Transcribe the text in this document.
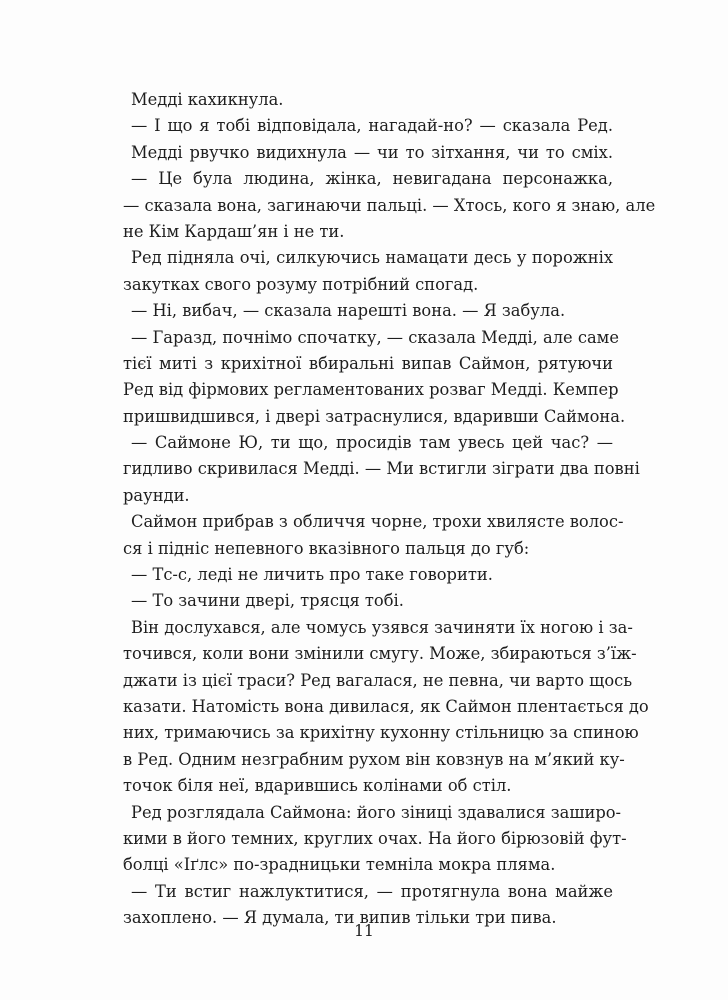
Медді кахикнула.
— І що я тобі відповідала, нагадай-но? — сказала Ред.
Медді рвучко видихнула — чи то зітхання, чи то сміх.
— Це була людина, жінка, невигадана персонажка,
— сказала вона, загинаючи пальці. — Хтось, кого я знаю, але
не Кім Кардаш’ян і не ти.
Ред підняла очі, силкуючись намацати десь у порожніх
закутках свого розуму потрібний спогад.
— Ні, вибач, — сказала нарешті вона. — Я забула.
— Гаразд, почнімо спочатку, — сказала Медді, але саме
тієї миті з крихітної вбиральні випав Саймон, рятуючи
Ред від фірмових регламентованих розваг Медді. Кемпер
пришвидшився, і двері затраснулися, вдаривши Саймона.
— Саймоне Ю, ти що, просидів там увесь цей час? —
гидливо скривилася Медді. — Ми встигли зіграти два повні
раунди.
Саймон прибрав з обличчя чорне, трохи хвилясте волос-
ся і підніс непевного вказівного пальця до губ:
— Тс-с, леді не личить про таке говорити.
— То зачини двері, трясця тобі.
Він дослухався, але чомусь узявся зачиняти їх ногою і за-
точився, коли вони змінили смугу. Може, збираються з’їж-
джати із цієї траси? Ред вагалася, не певна, чи варто щось
казати. Натомість вона дивилася, як Саймон плентається до
них, тримаючись за крихітну кухонну стільницю за спиною
в Ред. Одним незграбним рухом він ковзнув на м’який ку-
точок біля неї, вдарившись колінами об стіл.
Ред розглядала Саймона: його зіниці здавалися заширо-
кими в його темних, круглих очах. На його бірюзовій фут-
болці «Іґлс» по-зрадницьки темніла мокра пляма.
— Ти встиг нажлуктитися, — протягнула вона майже
захоплено. — Я думала, ти випив тільки три пива.
11
